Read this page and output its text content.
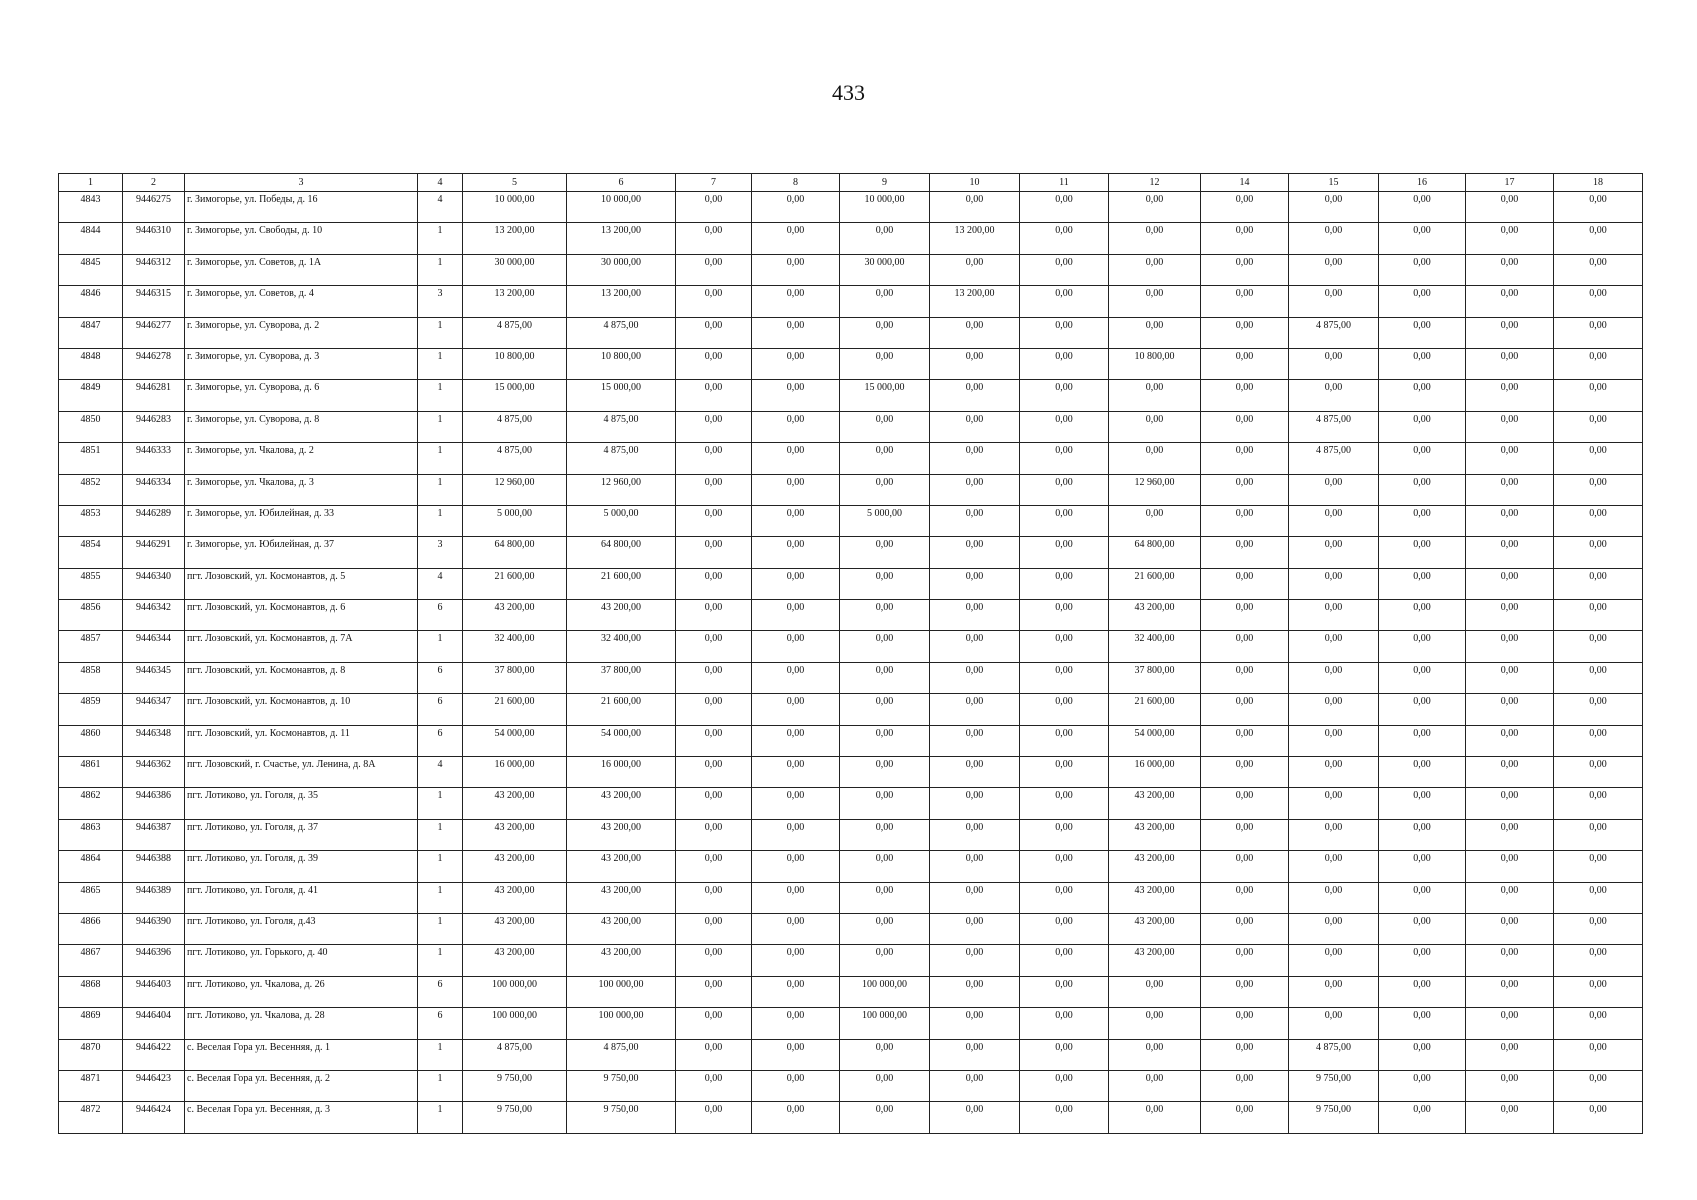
433
1	2	3	4	5	6	7	8	9	10	11	12	14	15	16	17	18
4843	9446275	г. Зимогорье, ул. Победы, д. 16	4	10 000,00	10 000,00	0,00	0,00	10 000,00	0,00	0,00	0,00	0,00	0,00	0,00	0,00	0,00
4844	9446310	г. Зимогорье, ул. Свободы, д. 10	1	13 200,00	13 200,00	0,00	0,00	0,00	13 200,00	0,00	0,00	0,00	0,00	0,00	0,00	0,00
4845	9446312	г. Зимогорье, ул. Советов, д. 1А	1	30 000,00	30 000,00	0,00	0,00	30 000,00	0,00	0,00	0,00	0,00	0,00	0,00	0,00	0,00
4846	9446315	г. Зимогорье, ул. Советов, д. 4	3	13 200,00	13 200,00	0,00	0,00	0,00	13 200,00	0,00	0,00	0,00	0,00	0,00	0,00	0,00
4847	9446277	г. Зимогорье, ул. Суворова, д. 2	1	4 875,00	4 875,00	0,00	0,00	0,00	0,00	0,00	0,00	0,00	4 875,00	0,00	0,00	0,00
4848	9446278	г. Зимогорье, ул. Суворова, д. 3	1	10 800,00	10 800,00	0,00	0,00	0,00	0,00	0,00	10 800,00	0,00	0,00	0,00	0,00	0,00
4849	9446281	г. Зимогорье, ул. Суворова, д. 6	1	15 000,00	15 000,00	0,00	0,00	15 000,00	0,00	0,00	0,00	0,00	0,00	0,00	0,00	0,00
4850	9446283	г. Зимогорье, ул. Суворова, д. 8	1	4 875,00	4 875,00	0,00	0,00	0,00	0,00	0,00	0,00	0,00	4 875,00	0,00	0,00	0,00
4851	9446333	г. Зимогорье, ул. Чкалова, д. 2	1	4 875,00	4 875,00	0,00	0,00	0,00	0,00	0,00	0,00	0,00	4 875,00	0,00	0,00	0,00
4852	9446334	г. Зимогорье, ул. Чкалова, д. 3	1	12 960,00	12 960,00	0,00	0,00	0,00	0,00	0,00	12 960,00	0,00	0,00	0,00	0,00	0,00
4853	9446289	г. Зимогорье, ул. Юбилейная, д. 33	1	5 000,00	5 000,00	0,00	0,00	5 000,00	0,00	0,00	0,00	0,00	0,00	0,00	0,00	0,00
4854	9446291	г. Зимогорье, ул. Юбилейная, д. 37	3	64 800,00	64 800,00	0,00	0,00	0,00	0,00	0,00	64 800,00	0,00	0,00	0,00	0,00	0,00
4855	9446340	пгт. Лозовский, ул. Космонавтов, д. 5	4	21 600,00	21 600,00	0,00	0,00	0,00	0,00	0,00	21 600,00	0,00	0,00	0,00	0,00	0,00
4856	9446342	пгт. Лозовский, ул. Космонавтов, д. 6	6	43 200,00	43 200,00	0,00	0,00	0,00	0,00	0,00	43 200,00	0,00	0,00	0,00	0,00	0,00
4857	9446344	пгт. Лозовский, ул. Космонавтов, д. 7А	1	32 400,00	32 400,00	0,00	0,00	0,00	0,00	0,00	32 400,00	0,00	0,00	0,00	0,00	0,00
4858	9446345	пгт. Лозовский, ул. Космонавтов, д. 8	6	37 800,00	37 800,00	0,00	0,00	0,00	0,00	0,00	37 800,00	0,00	0,00	0,00	0,00	0,00
4859	9446347	пгт. Лозовский, ул. Космонавтов, д. 10	6	21 600,00	21 600,00	0,00	0,00	0,00	0,00	0,00	21 600,00	0,00	0,00	0,00	0,00	0,00
4860	9446348	пгт. Лозовский, ул. Космонавтов, д. 11	6	54 000,00	54 000,00	0,00	0,00	0,00	0,00	0,00	54 000,00	0,00	0,00	0,00	0,00	0,00
4861	9446362	пгт. Лозовский, г. Счастье, ул. Ленина, д. 8А	4	16 000,00	16 000,00	0,00	0,00	0,00	0,00	0,00	16 000,00	0,00	0,00	0,00	0,00	0,00
4862	9446386	пгт. Лотиково, ул. Гоголя, д. 35	1	43 200,00	43 200,00	0,00	0,00	0,00	0,00	0,00	43 200,00	0,00	0,00	0,00	0,00	0,00
4863	9446387	пгт. Лотиково, ул. Гоголя, д. 37	1	43 200,00	43 200,00	0,00	0,00	0,00	0,00	0,00	43 200,00	0,00	0,00	0,00	0,00	0,00
4864	9446388	пгт. Лотиково, ул. Гоголя, д. 39	1	43 200,00	43 200,00	0,00	0,00	0,00	0,00	0,00	43 200,00	0,00	0,00	0,00	0,00	0,00
4865	9446389	пгт. Лотиково, ул. Гоголя, д. 41	1	43 200,00	43 200,00	0,00	0,00	0,00	0,00	0,00	43 200,00	0,00	0,00	0,00	0,00	0,00
4866	9446390	пгт. Лотиково, ул. Гоголя, д.43	1	43 200,00	43 200,00	0,00	0,00	0,00	0,00	0,00	43 200,00	0,00	0,00	0,00	0,00	0,00
4867	9446396	пгт. Лотиково, ул. Горького, д. 40	1	43 200,00	43 200,00	0,00	0,00	0,00	0,00	0,00	43 200,00	0,00	0,00	0,00	0,00	0,00
4868	9446403	пгт. Лотиково, ул. Чкалова, д. 26	6	100 000,00	100 000,00	0,00	0,00	100 000,00	0,00	0,00	0,00	0,00	0,00	0,00	0,00	0,00
4869	9446404	пгт. Лотиково, ул. Чкалова, д. 28	6	100 000,00	100 000,00	0,00	0,00	100 000,00	0,00	0,00	0,00	0,00	0,00	0,00	0,00	0,00
4870	9446422	с. Веселая Гора ул. Весенняя, д. 1	1	4 875,00	4 875,00	0,00	0,00	0,00	0,00	0,00	0,00	0,00	4 875,00	0,00	0,00	0,00
4871	9446423	с. Веселая Гора ул. Весенняя, д. 2	1	9 750,00	9 750,00	0,00	0,00	0,00	0,00	0,00	0,00	0,00	9 750,00	0,00	0,00	0,00
4872	9446424	с. Веселая Гора ул. Весенняя, д. 3	1	9 750,00	9 750,00	0,00	0,00	0,00	0,00	0,00	0,00	0,00	9 750,00	0,00	0,00	0,00
